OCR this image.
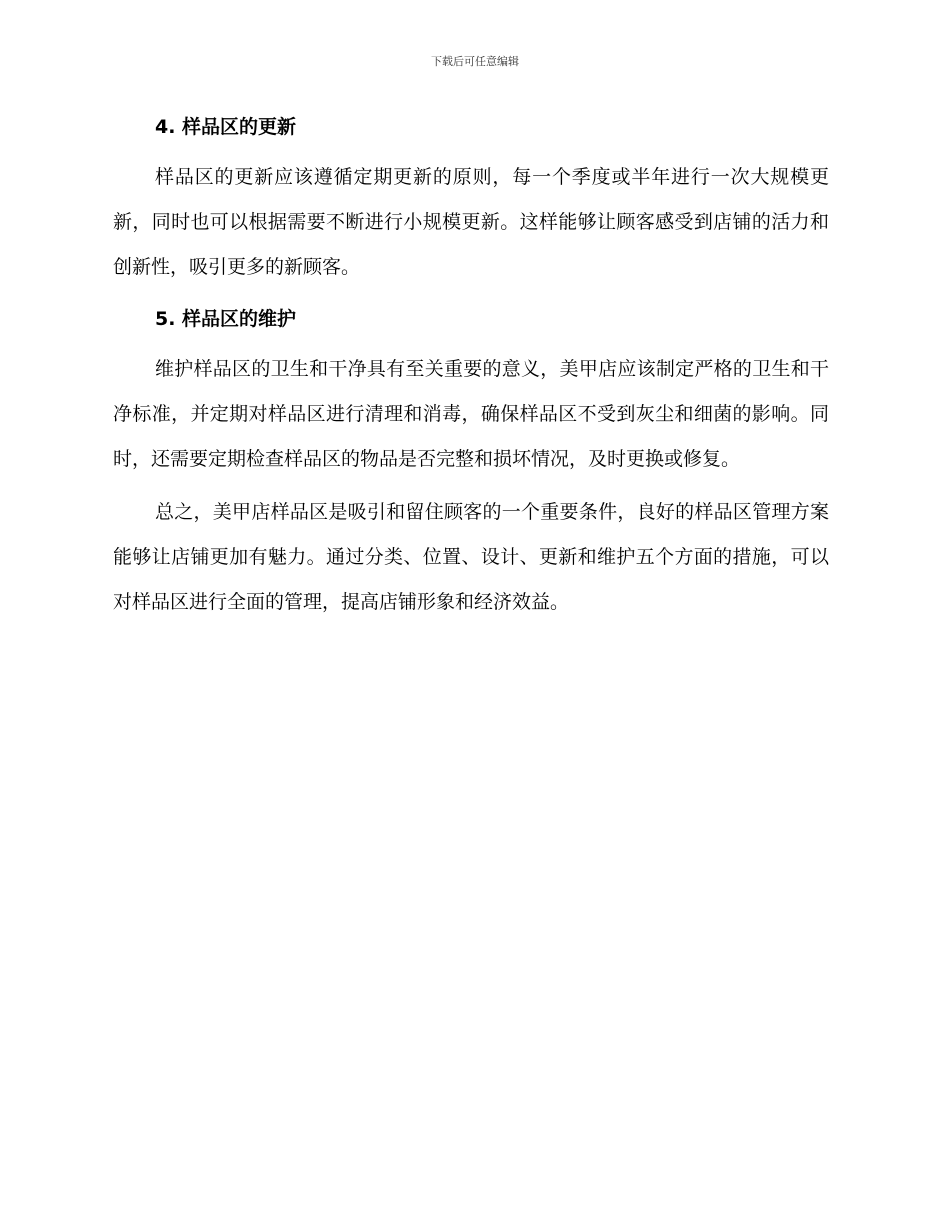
下载后可任意编辑
4. 样品区的更新

样品区的更新应该遵循定期更新的原则，每一个季度或半年进行一次大规模更新，同时也可以根据需要不断进行小规模更新。这样能够让顾客感受到店铺的活力和创新性，吸引更多的新顾客。

5. 样品区的维护

维护样品区的卫生和干净具有至关重要的意义，美甲店应该制定严格的卫生和干净标准，并定期对样品区进行清理和消毒，确保样品区不受到灰尘和细菌的影响。同时，还需要定期检查样品区的物品是否完整和损坏情况，及时更换或修复。

总之，美甲店样品区是吸引和留住顾客的一个重要条件，良好的样品区管理方案能够让店铺更加有魅力。通过分类、位置、设计、更新和维护五个方面的措施，可以对样品区进行全面的管理，提高店铺形象和经济效益。
